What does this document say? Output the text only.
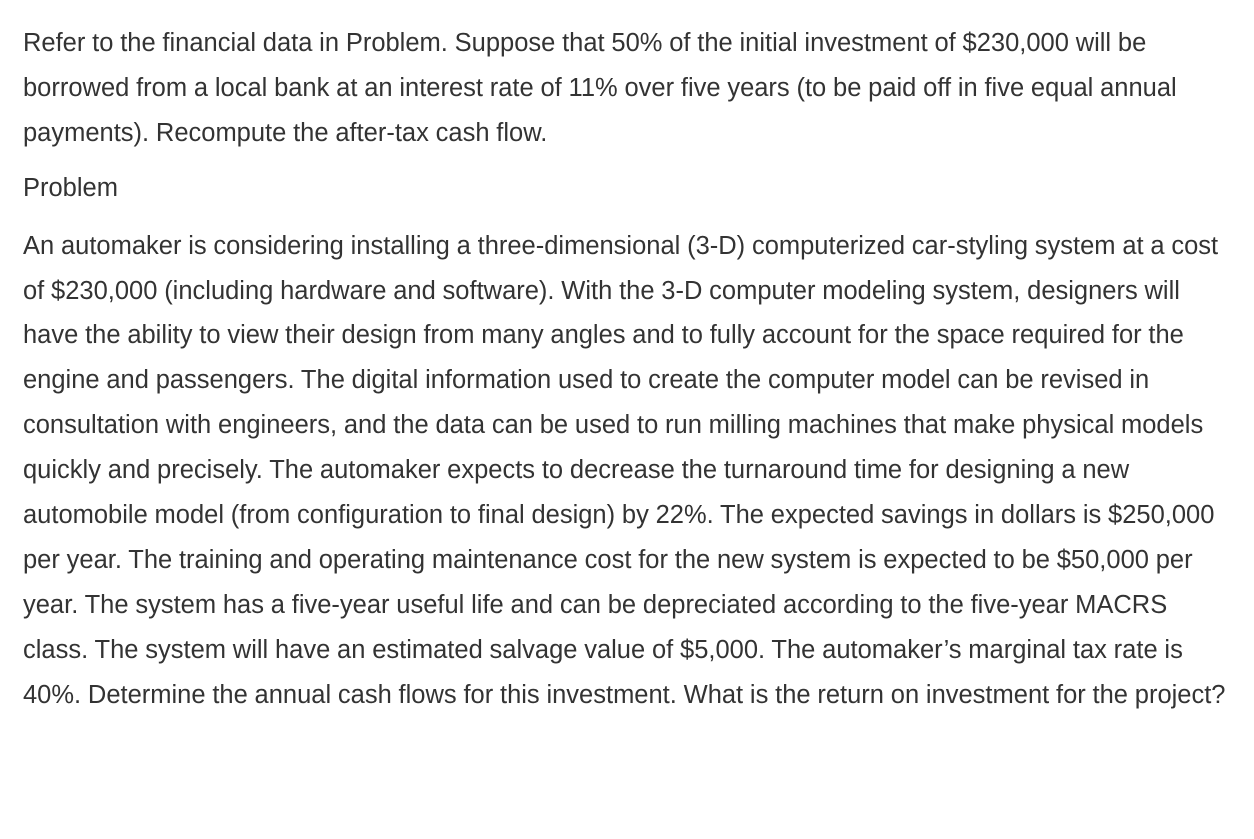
Refer to the financial data in Problem. Suppose that 50% of the initial investment of $230,000 will be borrowed from a local bank at an interest rate of 11% over five years (to be paid off in five equal annual payments). Recompute the after-tax cash flow.

Problem

An automaker is considering installing a three-dimensional (3-D) computerized car-styling system at a cost of $230,000 (including hardware and software). With the 3-D computer modeling system, designers will have the ability to view their design from many angles and to fully account for the space required for the engine and passengers. The digital information used to create the computer model can be revised in consultation with engineers, and the data can be used to run milling machines that make physical models quickly and precisely. The automaker expects to decrease the turnaround time for designing a new automobile model (from configuration to final design) by 22%. The expected savings in dollars is $250,000 per year. The training and operating maintenance cost for the new system is expected to be $50,000 per year. The system has a five-year useful life and can be depreciated according to the five-year MACRS class. The system will have an estimated salvage value of $5,000. The automaker’s marginal tax rate is 40%. Determine the annual cash flows for this investment. What is the return on investment for the project?
